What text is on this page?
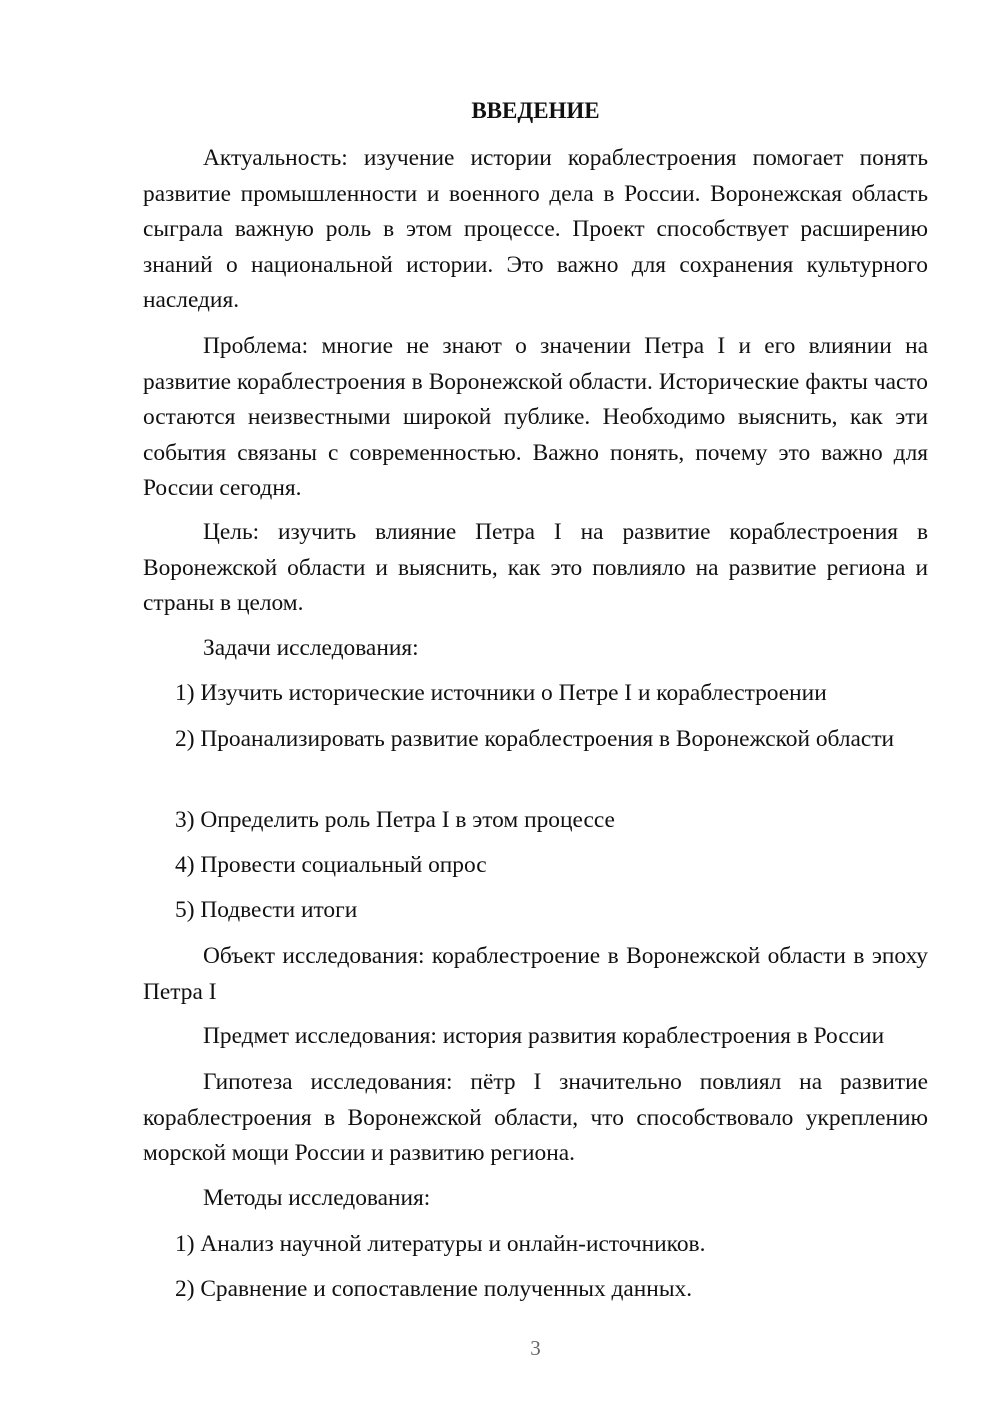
ВВЕДЕНИЕ

Актуальность: изучение истории кораблестроения помогает понять развитие промышленности и военного дела в России. Воронежская область сыграла важную роль в этом процессе. Проект способствует расширению знаний о национальной истории. Это важно для сохранения культурного наследия.

Проблема: многие не знают о значении Петра I и его влиянии на развитие кораблестроения в Воронежской области. Исторические факты часто остаются неизвестными широкой публике. Необходимо выяснить, как эти события связаны с современностью. Важно понять, почему это важно для России сегодня.

Цель: изучить влияние Петра I на развитие кораблестроения в Воронежской области и выяснить, как это повлияло на развитие региона и страны в целом.

Задачи исследования:

1) Изучить исторические источники о Петре I и кораблестроении

2) Проанализировать развитие кораблестроения в Воронежской области

3) Определить роль Петра I в этом процессе

4) Провести социальный опрос

5) Подвести итоги

Объект исследования: кораблестроение в Воронежской области в эпоху Петра I

Предмет исследования: история развития кораблестроения в России

Гипотеза исследования: пётр I значительно повлиял на развитие кораблестроения в Воронежской области, что способствовало укреплению морской мощи России и развитию региона.

Методы исследования:

1) Анализ научной литературы и онлайн-источников.

2) Сравнение и сопоставление полученных данных.

3
